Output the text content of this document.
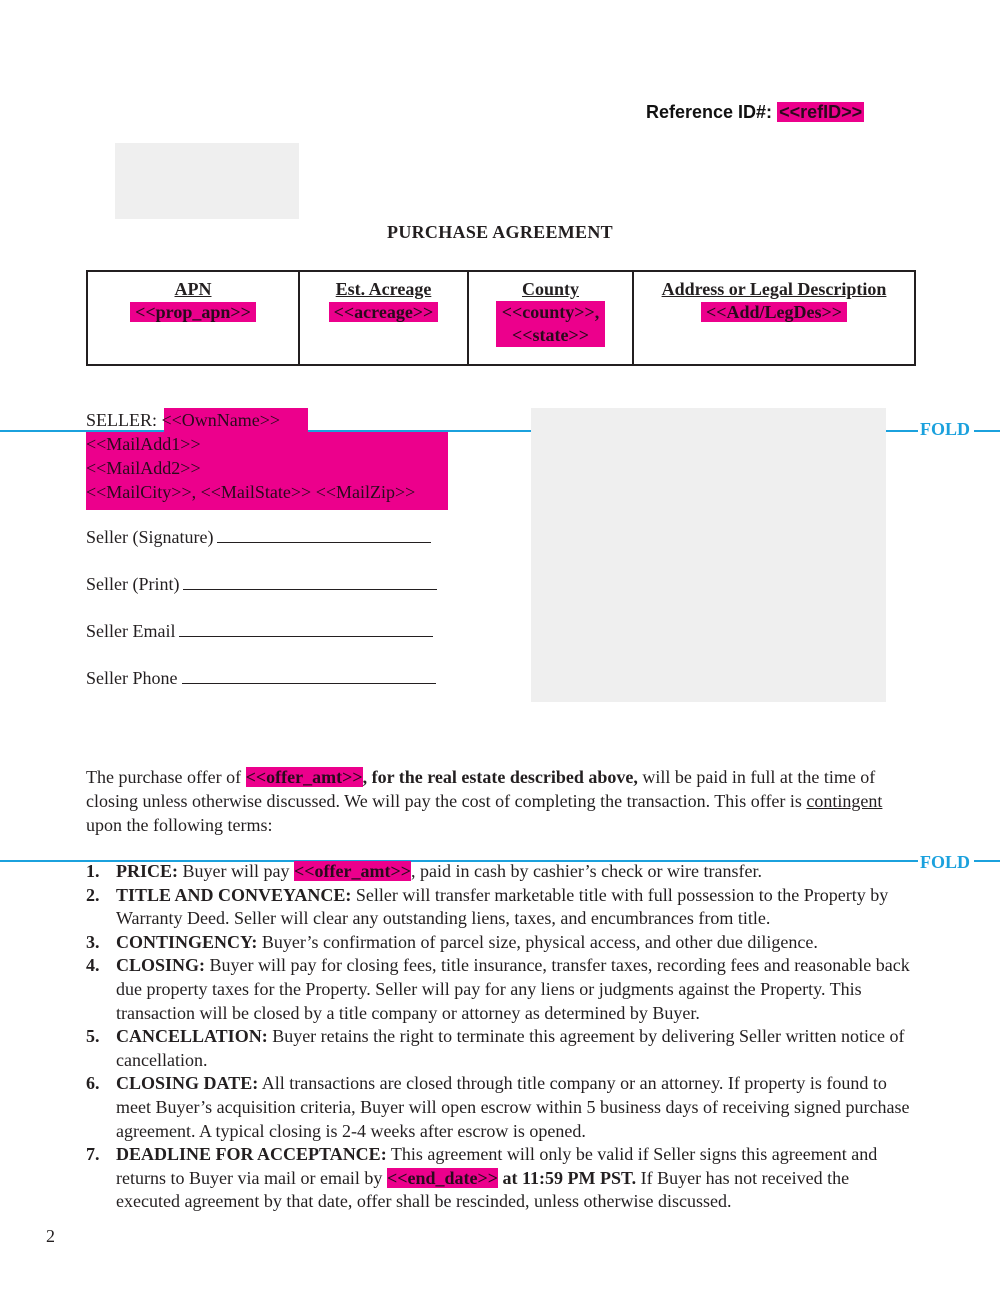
Reference ID#: <<refID>>
PURCHASE AGREEMENT
APN
<<prop_apn>>
Est. Acreage
<<acreage>>
County
<<county>>,
<<state>>
Address or Legal Description
<<Add/LegDes>>
FOLD
SELLER: <<OwnName>>
<<MailAdd1>>
<<MailAdd2>>
<<MailCity>>, <<MailState>> <<MailZip>>
Seller (Signature)
Seller (Print)
Seller Email
Seller Phone
The purchase offer of <<offer_amt>>, for the real estate described above, will be paid in full at the time of closing unless otherwise discussed. We will pay the cost of completing the transaction. This offer is contingent upon the following terms:
FOLD
1. PRICE: Buyer will pay <<offer_amt>>, paid in cash by cashier’s check or wire transfer.
2. TITLE AND CONVEYANCE: Seller will transfer marketable title with full possession to the Property by Warranty Deed. Seller will clear any outstanding liens, taxes, and encumbrances from title.
3. CONTINGENCY: Buyer’s confirmation of parcel size, physical access, and other due diligence.
4. CLOSING: Buyer will pay for closing fees, title insurance, transfer taxes, recording fees and reasonable back due property taxes for the Property. Seller will pay for any liens or judgments against the Property. This transaction will be closed by a title company or attorney as determined by Buyer.
5. CANCELLATION: Buyer retains the right to terminate this agreement by delivering Seller written notice of cancellation.
6. CLOSING DATE: All transactions are closed through title company or an attorney. If property is found to meet Buyer’s acquisition criteria, Buyer will open escrow within 5 business days of receiving signed purchase agreement. A typical closing is 2-4 weeks after escrow is opened.
7. DEADLINE FOR ACCEPTANCE: This agreement will only be valid if Seller signs this agreement and returns to Buyer via mail or email by <<end_date>> at 11:59 PM PST. If Buyer has not received the executed agreement by that date, offer shall be rescinded, unless otherwise discussed.
2
